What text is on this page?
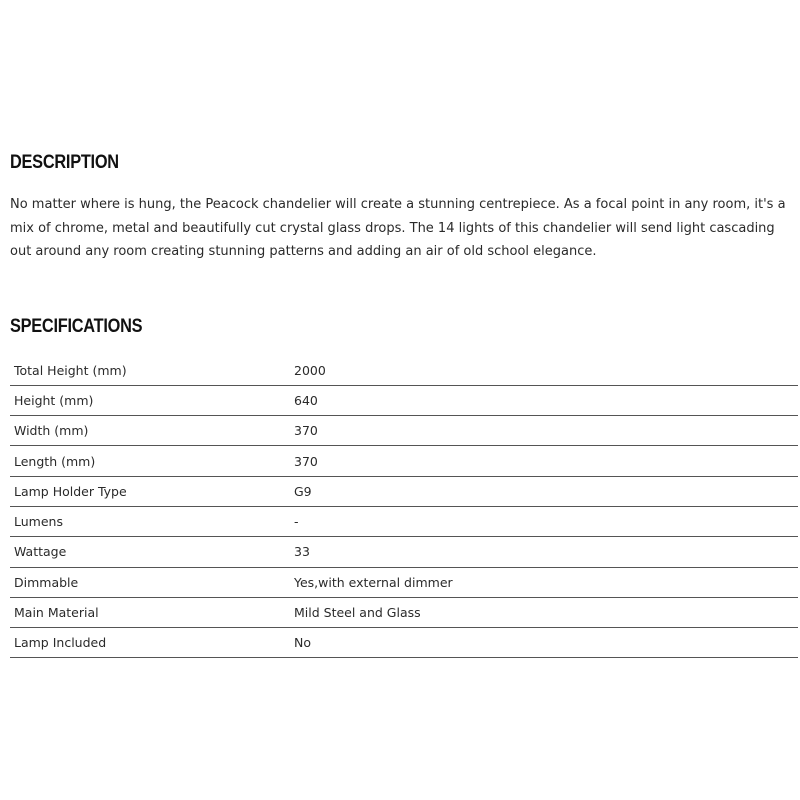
DESCRIPTION

No matter where is hung, the Peacock chandelier will create a stunning centrepiece. As a focal point in any room, it's a mix of chrome, metal and beautifully cut crystal glass drops. The 14 lights of this chandelier will send light cascading out around any room creating stunning patterns and adding an air of old school elegance.

SPECIFICATIONS
Total Height (mm)	2000
Height (mm)	640
Width (mm)	370
Length (mm)	370
Lamp Holder Type	G9
Lumens	-
Wattage	33
Dimmable	Yes,with external dimmer
Main Material	Mild Steel and Glass
Lamp Included	No
